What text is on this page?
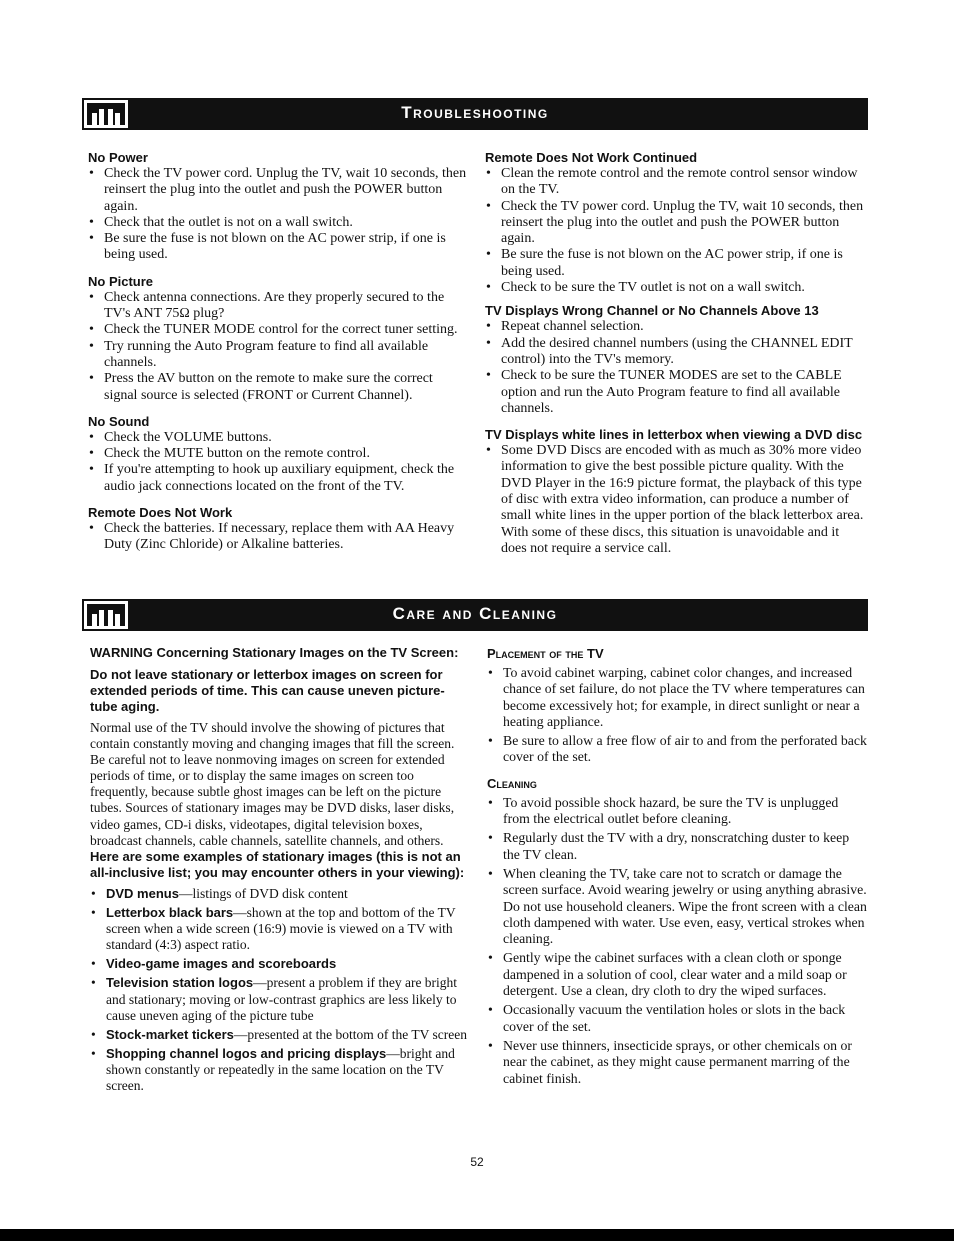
Troubleshooting

No Power

• Check the TV power cord. Unplug the TV, wait 10 seconds, then reinsert the plug into the outlet and push the POWER button again.
• Check that the outlet is not on a wall switch.
• Be sure the fuse is not blown on the AC power strip, if one is being used.

No Picture

• Check antenna connections. Are they properly secured to the TV's ANT 75Ω plug?
• Check the TUNER MODE control for the correct tuner setting.
• Try running the Auto Program feature to find all available channels.
• Press the AV button on the remote to make sure the correct signal source is selected (FRONT or Current Channel).

No Sound

• Check the VOLUME buttons.
• Check the MUTE button on the remote control.
• If you're attempting to hook up auxiliary equipment, check the audio jack connections located on the front of the TV.

Remote Does Not Work

• Check the batteries. If necessary, replace them with AA Heavy Duty (Zinc Chloride) or Alkaline batteries.

Remote Does Not Work Continued

• Clean the remote control and the remote control sensor window on the TV.
• Check the TV power cord. Unplug the TV, wait 10 seconds, then reinsert the plug into the outlet and push the POWER button again.
• Be sure the fuse is not blown on the AC power strip, if one is being used.
• Check to be sure the TV outlet is not on a wall switch.

TV Displays Wrong Channel or No Channels Above 13

• Repeat channel selection.
• Add the desired channel numbers (using the CHANNEL EDIT control) into the TV's memory.
• Check to be sure the TUNER MODES are set to the CABLE option and run the Auto Program feature to find all available channels.

TV Displays white lines in letterbox when viewing a DVD disc

• Some DVD Discs are encoded with as much as 30% more video information to give the best possible picture quality. With the DVD Player in the 16:9 picture format, the playback of this type of disc with extra video information, can produce a number of small white lines in the upper portion of the black letterbox area. With some of these discs, this situation is unavoidable and it does not require a service call.
Care and Cleaning

WARNING Concerning Stationary Images on the TV Screen:

Do not leave stationary or letterbox images on screen for extended periods of time. This can cause uneven picture-tube aging.

Normal use of the TV should involve the showing of pictures that contain constantly moving and changing images that fill the screen. Be careful not to leave nonmoving images on screen for extended periods of time, or to display the same images on screen too frequently, because subtle ghost images can be left on the picture tubes. Sources of stationary images may be DVD disks, laser disks, video games, CD-i disks, videotapes, digital television boxes, broadcast channels, cable channels, satellite channels, and others. Here are some examples of stationary images (this is not an all-inclusive list; you may encounter others in your viewing):

• DVD menus—listings of DVD disk content
• Letterbox black bars—shown at the top and bottom of the TV screen when a wide screen (16:9) movie is viewed on a TV with standard (4:3) aspect ratio.
• Video-game images and scoreboards
• Television station logos—present a problem if they are bright and stationary; moving or low-contrast graphics are less likely to cause uneven aging of the picture tube
• Stock-market tickers—presented at the bottom of the TV screen
• Shopping channel logos and pricing displays—bright and shown constantly or repeatedly in the same location on the TV screen.

Placement of the TV

• To avoid cabinet warping, cabinet color changes, and increased chance of set failure, do not place the TV where temperatures can become excessively hot; for example, in direct sunlight or near a heating appliance.
• Be sure to allow a free flow of air to and from the perforated back cover of the set.

Cleaning

• To avoid possible shock hazard, be sure the TV is unplugged from the electrical outlet before cleaning.
• Regularly dust the TV with a dry, nonscratching duster to keep the TV clean.
• When cleaning the TV, take care not to scratch or damage the screen surface. Avoid wearing jewelry or using anything abrasive. Do not use household cleaners. Wipe the front screen with a clean cloth dampened with water. Use even, easy, vertical strokes when cleaning.
• Gently wipe the cabinet surfaces with a clean cloth or sponge dampened in a solution of cool, clear water and a mild soap or detergent. Use a clean, dry cloth to dry the wiped surfaces.
• Occasionally vacuum the ventilation holes or slots in the back cover of the set.
• Never use thinners, insecticide sprays, or other chemicals on or near the cabinet, as they might cause permanent marring of the cabinet finish.
52
